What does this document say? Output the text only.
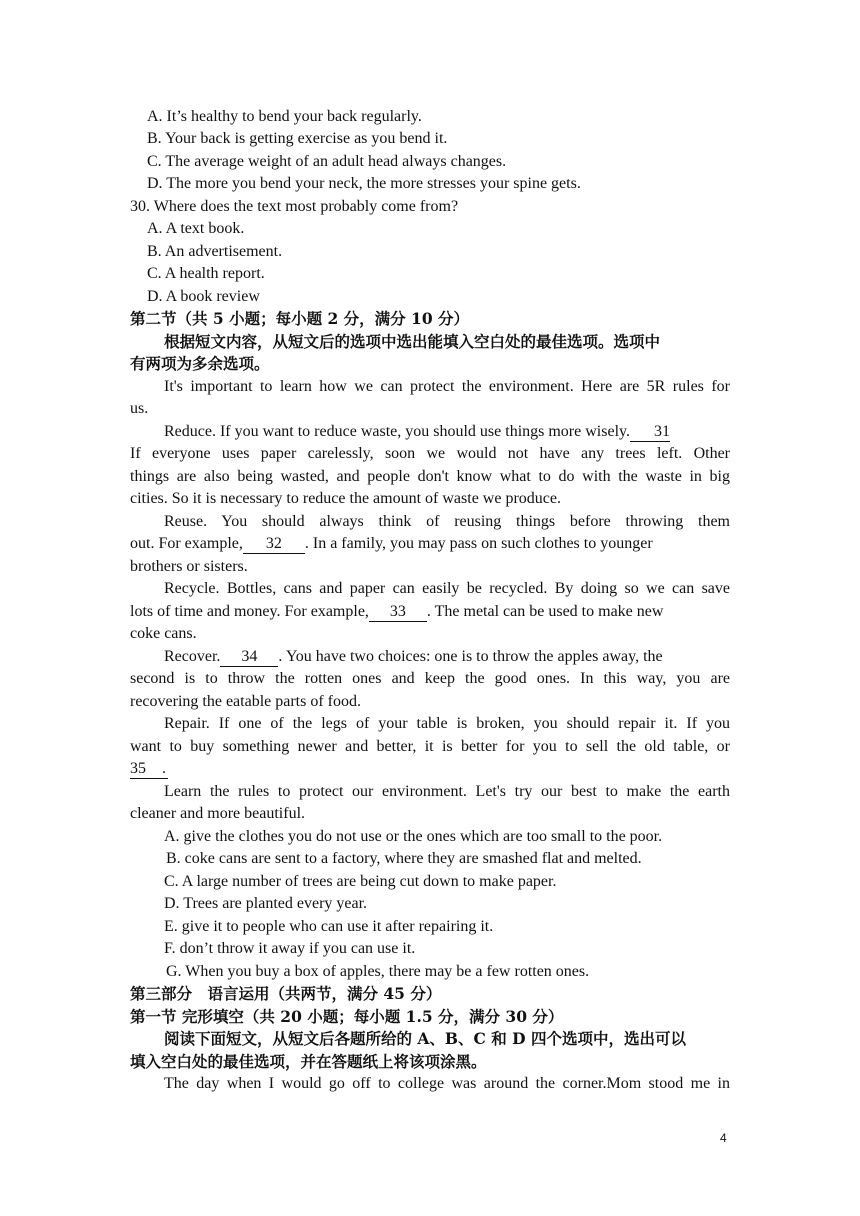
A. It’s healthy to bend your back regularly.
B. Your back is getting exercise as you bend it.
C. The average weight of an adult head always changes.
D. The more you bend your neck, the more stresses your spine gets.
30. Where does the text most probably come from?
A. A text book.
B. An advertisement.
C. A health report.
D. A book review
第二节（共 5 小题；每小题 2 分，满分 10 分）
根据短文内容，从短文后的选项中选出能填入空白处的最佳选项。选项中
有两项为多余选项。
It's important to learn how we can protect the environment. Here are 5R rules for
us.
Reduce. If you want to reduce waste, you should use things more wisely. 31
If everyone uses paper carelessly, soon we would not have any trees left. Other
things are also being wasted, and people don't know what to do with the waste in big
cities. So it is necessary to reduce the amount of waste we produce.
Reuse. You should always think of reusing things before throwing them
out. For example, 32 . In a family, you may pass on such clothes to younger
brothers or sisters.
Recycle. Bottles, cans and paper can easily be recycled. By doing so we can save
lots of time and money. For example, 33 . The metal can be used to make new
coke cans.
Recover. 34 . You have two choices: one is to throw the apples away, the
second is to throw the rotten ones and keep the good ones. In this way, you are
recovering the eatable parts of food.
Repair. If one of the legs of your table is broken, you should repair it. If you
want to buy something newer and better, it is better for you to sell the old table, or
35 .
Learn the rules to protect our environment. Let's try our best to make the earth
cleaner and more beautiful.
A. give the clothes you do not use or the ones which are too small to the poor.
B. coke cans are sent to a factory, where they are smashed flat and melted.
C. A large number of trees are being cut down to make paper.
D. Trees are planted every year.
E. give it to people who can use it after repairing it.
F. don’t throw it away if you can use it.
G. When you buy a box of apples, there may be a few rotten ones.
第三部分　语言运用（共两节，满分 45 分）
第一节 完形填空（共 20 小题；每小题 1.5 分，满分 30 分）
阅读下面短文，从短文后各题所给的 A、B、C 和 D 四个选项中，选出可以
填入空白处的最佳选项，并在答题纸上将该项涂黑。
The day when I would go off to college was around the corner.Mom stood me in
4
